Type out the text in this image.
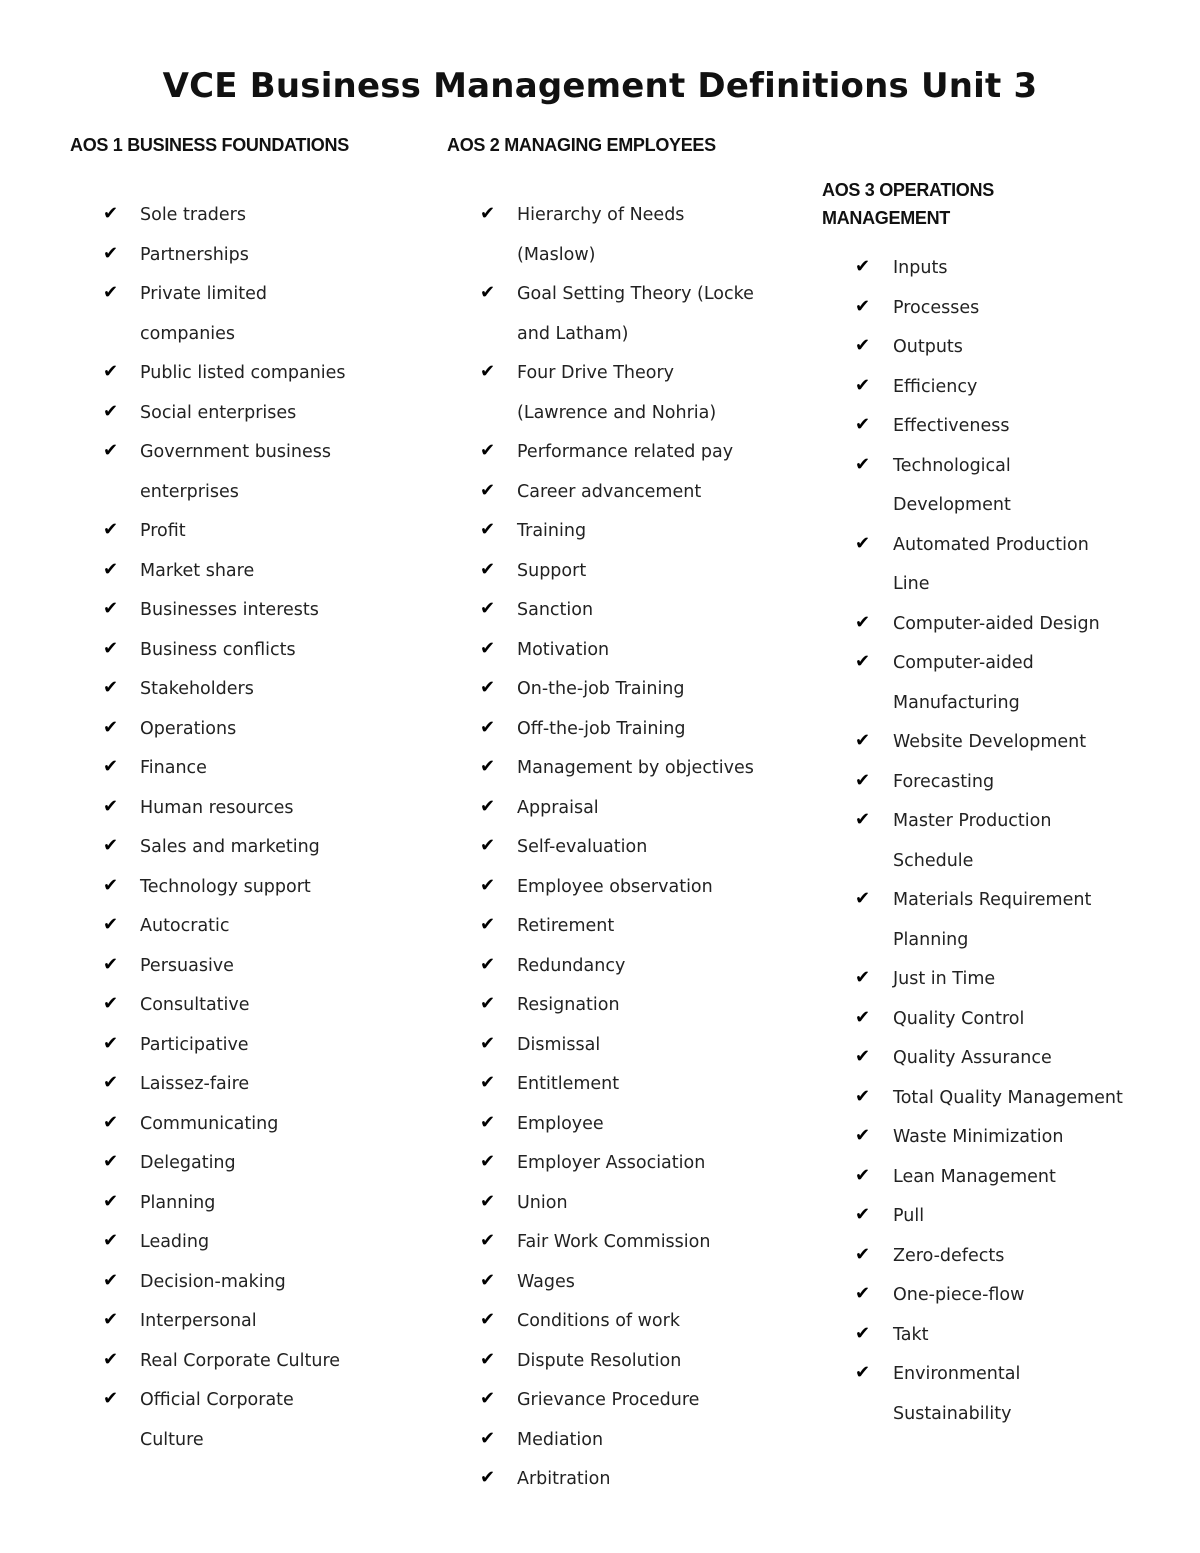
VCE Business Management Definitions Unit 3
AOS 1 BUSINESS FOUNDATIONS
✔ Sole traders
✔ Partnerships
✔ Private limited companies
✔ Public listed companies
✔ Social enterprises
✔ Government business
enterprises
✔ Profit
✔ Market share
✔ Businesses interests
✔ Business conflicts
✔ Stakeholders
✔ Operations
✔ Finance
✔ Human resources
✔ Sales and marketing
✔ Technology support
✔ Autocratic
✔ Persuasive
✔ Consultative
✔ Participative
✔ Laissez-faire
✔ Communicating
✔ Delegating
✔ Planning
✔ Leading
✔ Decision-making
✔ Interpersonal
✔ Real Corporate Culture
✔ Official Corporate Culture
AOS 2 MANAGING EMPLOYEES
✔ Hierarchy of Needs
(Maslow)
✔ Goal Setting Theory (Locke
and Latham)
✔ Four Drive Theory
(Lawrence and Nohria)
✔ Performance related pay
✔ Career advancement
✔ Training
✔ Support
✔ Sanction
✔ Motivation
✔ On-the-job Training
✔ Off-the-job Training
✔ Management by objectives
✔ Appraisal
✔ Self-evaluation
✔ Employee observation
✔ Retirement
✔ Redundancy
✔ Resignation
✔ Dismissal
✔ Entitlement
✔ Employee
✔ Employer Association
✔ Union
✔ Fair Work Commission
✔ Wages
✔ Conditions of work
✔ Dispute Resolution
✔ Grievance Procedure
✔ Mediation
✔ Arbitration
AOS 3 OPERATIONS MANAGEMENT
✔ Inputs
✔ Processes
✔ Outputs
✔ Efficiency
✔ Effectiveness
✔ Technological
Development
✔ Automated Production
Line
✔ Computer-aided Design
✔ Computer-aided
Manufacturing
✔ Website Development
✔ Forecasting
✔ Master Production
Schedule
✔ Materials Requirement
Planning
✔ Just in Time
✔ Quality Control
✔ Quality Assurance
✔ Total Quality Management
✔ Waste Minimization
✔ Lean Management
✔ Pull
✔ Zero-defects
✔ One-piece-flow
✔ Takt
✔ Environmental
Sustainability
